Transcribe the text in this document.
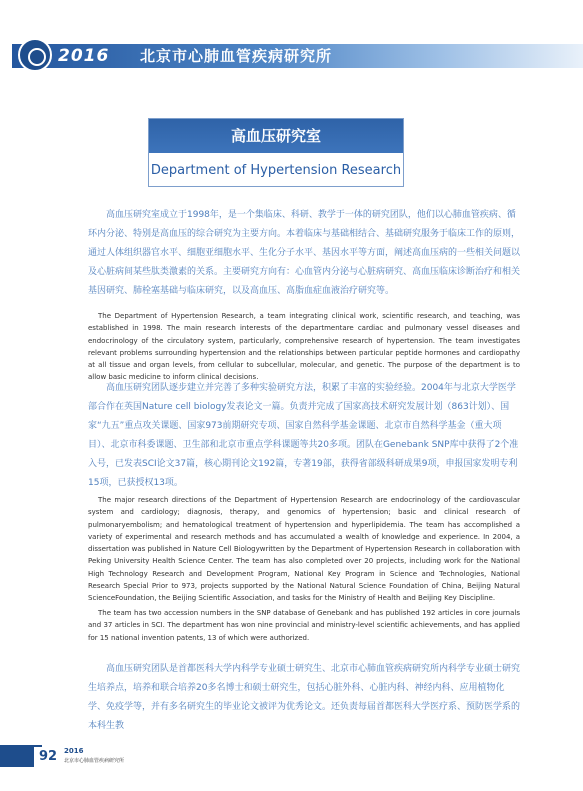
2016 北京市心肺血管疾病研究所
高血压研究室
Department of Hypertension Research

高血压研究室成立于1998年，是一个集临床、科研、教学于一体的研究团队，他们以心肺血管疾病、循环内分泌、特别是高血压的综合研究为主要方向。本着临床与基础相结合、基础研究服务于临床工作的原则，通过人体组织器官水平、细胞亚细胞水平、生化分子水平、基因水平等方面，阐述高血压病的一些相关问题以及心脏病间某些肽类激素的关系。主要研究方向有：心血管内分泌与心脏病研究、高血压临床诊断治疗和相关基因研究、肺栓塞基础与临床研究，以及高血压、高脂血症血液治疗研究等。

The Department of Hypertension Research, a team integrating clinical work, scientific research, and teaching, was established in 1998. The main research interests of the departmentare cardiac and pulmonary vessel diseases and endocrinology of the circulatory system, particularly, comprehensive research of hypertension. The team investigates relevant problems surrounding hypertension and the relationships between particular peptide hormones and cardiopathy at all tissue and organ levels, from cellular to subcellular, molecular, and genetic. The purpose of the department is to allow basic medicine to inform clinical decisions.

高血压研究团队逐步建立并完善了多种实验研究方法，积累了丰富的实验经验。2004年与北京大学医学部合作在英国Nature cell biology发表论文一篇。负责并完成了国家高技术研究发展计划（863计划）、国家“九五”重点攻关课题、国家973前期研究专项、国家自然科学基金课题、北京市自然科学基金（重大项目）、北京市科委课题、卫生部和北京市重点学科课题等共20多项。团队在Genebank SNP库中获得了2个准入号，已发表SCI论文37篇，核心期刊论文192篇，专著19部，获得省部级科研成果9项，申报国家发明专利15项，已获授权13项。

The major research directions of the Department of Hypertension Research are endocrinology of the cardiovascular system and cardiology; diagnosis, therapy, and genomics of hypertension; basic and clinical research of pulmonaryembolism; and hematological treatment of hypertension and hyperlipidemia. The team has accomplished a variety of experimental and research methods and has accumulated a wealth of knowledge and experience. In 2004, a dissertation was published in Nature Cell Biologywritten by the Department of Hypertension Research in collaboration with Peking University Health Science Center. The team has also completed over 20 projects, including work for the National High Technology Research and Development Program, National Key Program in Science and Technologies, National Research Special Prior to 973, projects supported by the National Natural Science Foundation of China, Beijing Natural ScienceFoundation, the Beijing Scientific Association, and tasks for the Ministry of Health and Beijing Key Discipline.

The team has two accession numbers in the SNP database of Genebank and has published 192 articles in core journals and 37 articles in SCI. The department has won nine provincial and ministry-level scientific achievements, and has applied for 15 national invention patents, 13 of which were authorized.

高血压研究团队是首都医科大学内科学专业硕士研究生、北京市心肺血管疾病研究所内科学专业硕士研究生培养点，培养和联合培养20多名博士和硕士研究生，包括心脏外科、心脏内科、神经内科、应用植物化学、免疫学等，并有多名研究生的毕业论文被评为优秀论文。还负责每届首都医科大学医疗系、预防医学系的本科生教

92 2016
北京市心肺血管疾病研究所
